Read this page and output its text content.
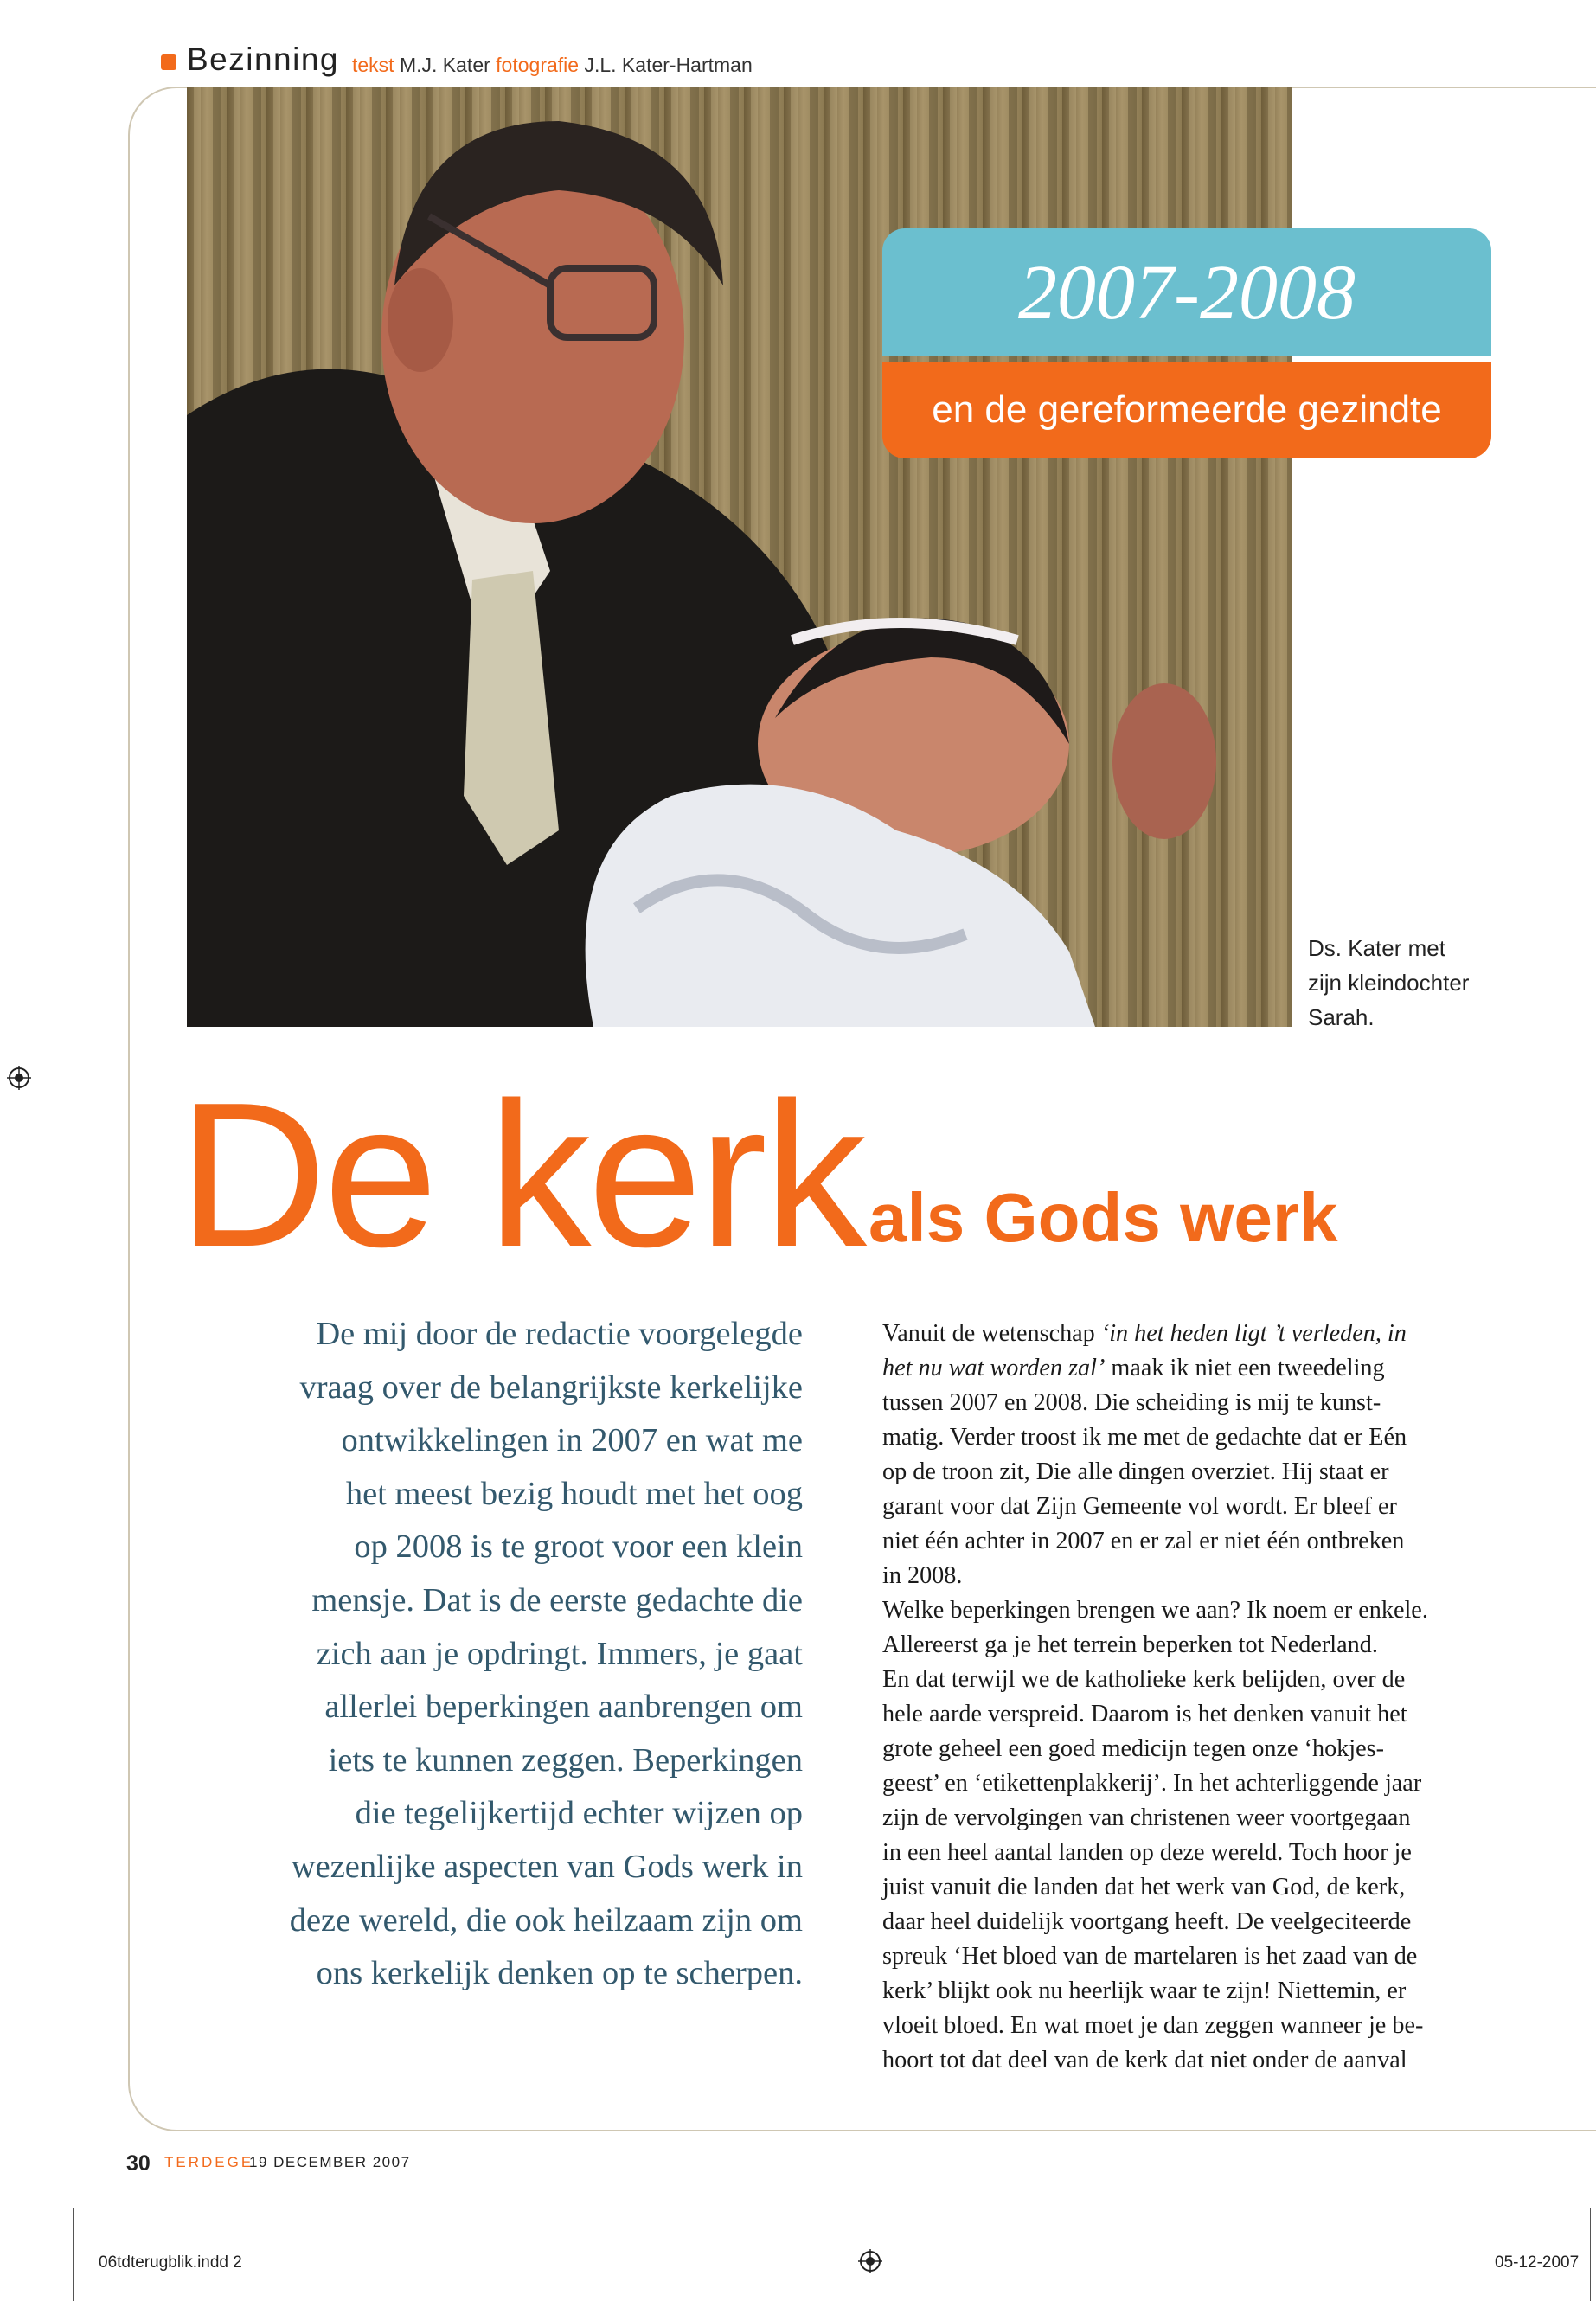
Bezinning tekst M.J. Kater fotografie J.L. Kater-Hartman
2007-2008
en de gereformeerde gezindte
Ds. Kater met
zijn kleindochter
Sarah.
De kerk als Gods werk
De mij door de redactie voorgelegde
vraag over de belangrijkste kerkelijke
ontwikkelingen in 2007 en wat me
het meest bezig houdt met het oog
op 2008 is te groot voor een klein
mensje. Dat is de eerste gedachte die
zich aan je opdringt. Immers, je gaat
allerlei beperkingen aanbrengen om
iets te kunnen zeggen. Beperkingen
die tegelijkertijd echter wijzen op
wezenlijke aspecten van Gods werk in
deze wereld, die ook heilzaam zijn om
ons kerkelijk denken op te scherpen.
Vanuit de wetenschap ‘in het heden ligt ’t verleden, in
het nu wat worden zal’ maak ik niet een tweedeling
tussen 2007 en 2008. Die scheiding is mij te kunst-
matig. Verder troost ik me met de gedachte dat er Eén
op de troon zit, Die alle dingen overziet. Hij staat er
garant voor dat Zijn Gemeente vol wordt. Er bleef er
niet één achter in 2007 en er zal er niet één ontbreken
in 2008.
Welke beperkingen brengen we aan? Ik noem er enkele.
Allereerst ga je het terrein beperken tot Nederland.
En dat terwijl we de katholieke kerk belijden, over de
hele aarde verspreid. Daarom is het denken vanuit het
grote geheel een goed medicijn tegen onze ‘hokjes-
geest’ en ‘etikettenplakkerij’. In het achterliggende jaar
zijn de vervolgingen van christenen weer voortgegaan
in een heel aantal landen op deze wereld. Toch hoor je
juist vanuit die landen dat het werk van God, de kerk,
daar heel duidelijk voortgang heeft. De veelgeciteerde
spreuk ‘Het bloed van de martelaren is het zaad van de
kerk’ blijkt ook nu heerlijk waar te zijn! Niettemin, er
vloeit bloed. En wat moet je dan zeggen wanneer je be-
hoort tot dat deel van de kerk dat niet onder de aanval
30 TERDEGE
19 DECEMBER 2007
06tdterugblik.indd 2	05-12-2007
